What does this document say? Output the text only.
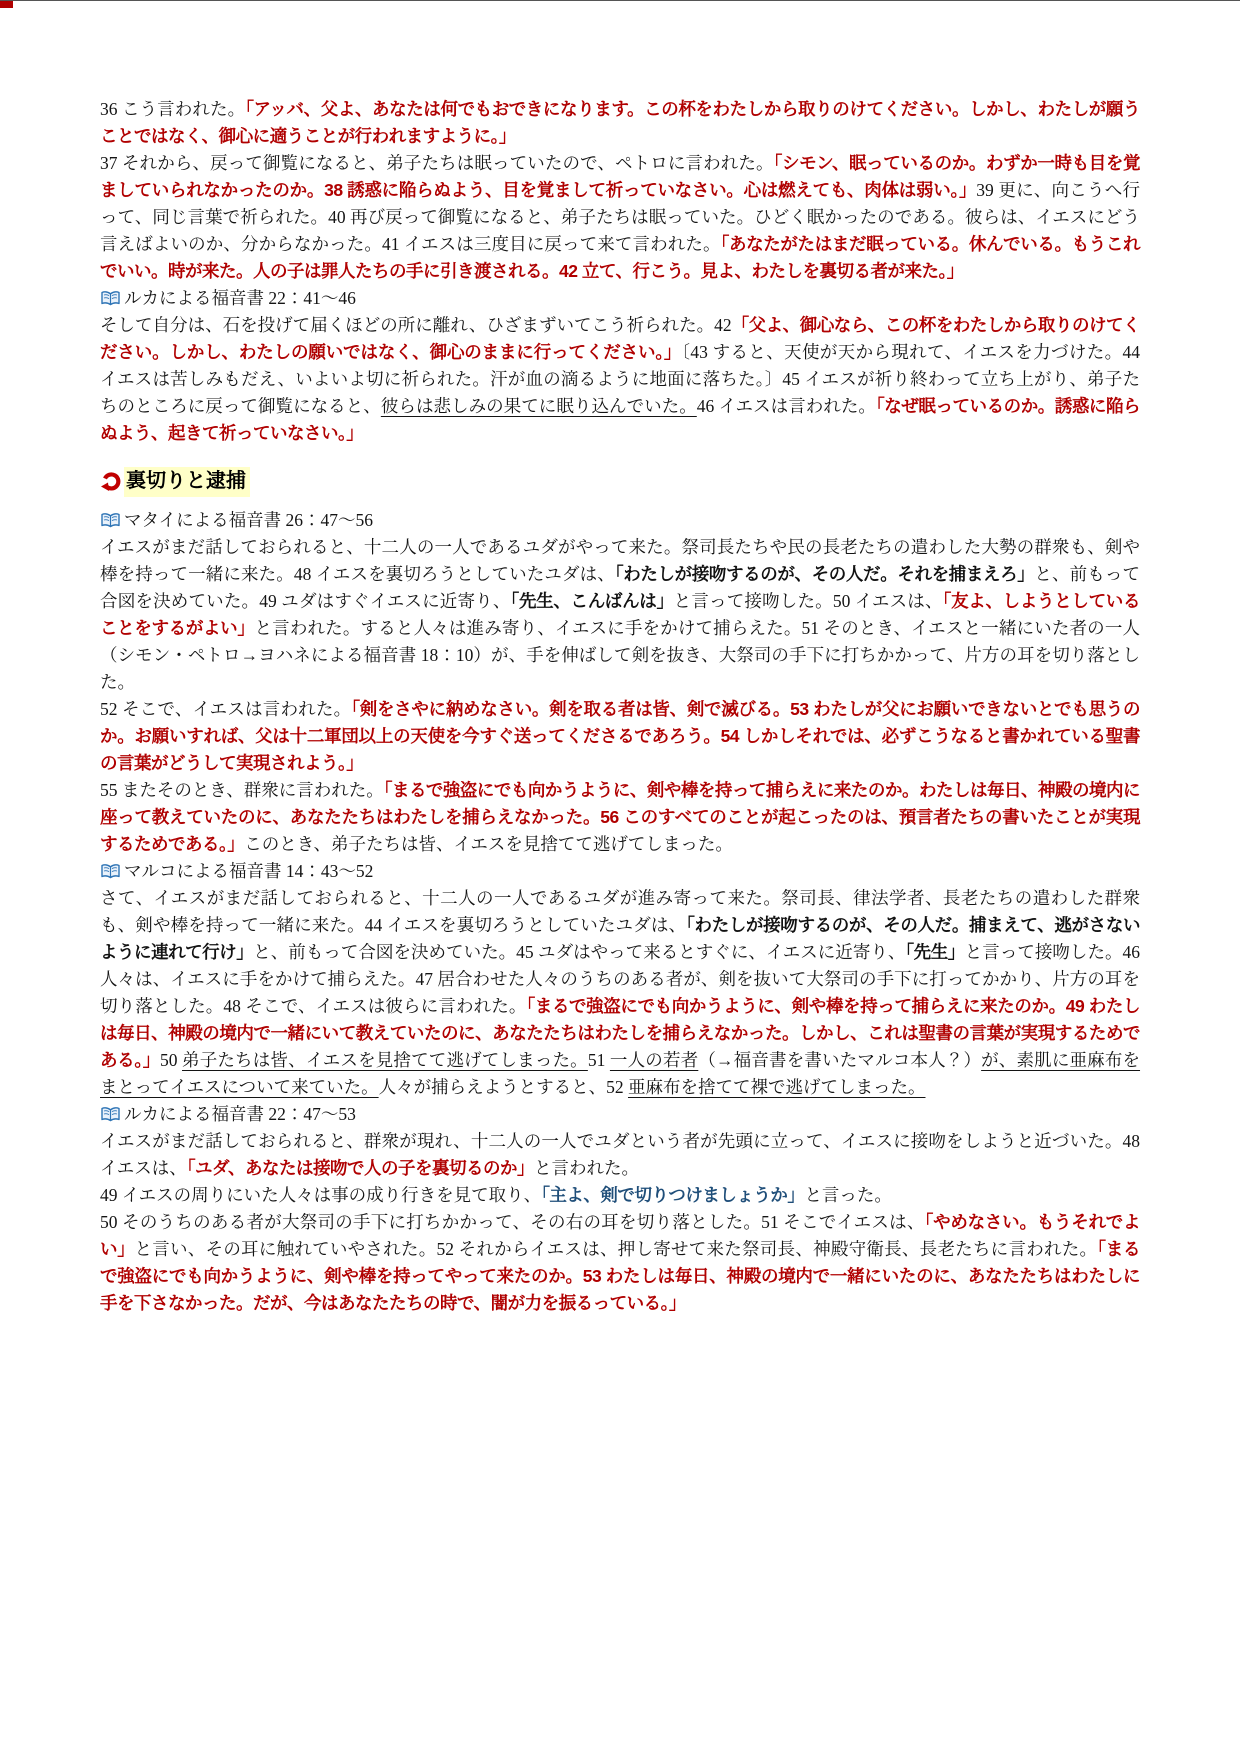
36 こう言われた。「アッバ、父よ、あなたは何でもおできになります。この杯をわたしから取りのけてください。しかし、わたしが願うことではなく、御心に適うことが行われますように。」

37 それから、戻って御覧になると、弟子たちは眠っていたので、ペトロに言われた。「シモン、眠っているのか。わずか一時も目を覚ましていられなかったのか。38 誘惑に陥らぬよう、目を覚まして祈っていなさい。心は燃えても、肉体は弱い。」39 更に、向こうへ行って、同じ言葉で祈られた。40 再び戻って御覧になると、弟子たちは眠っていた。ひどく眠かったのである。彼らは、イエスにどう言えばよいのか、分からなかった。41 イエスは三度目に戻って来て言われた。「あなたがたはまだ眠っている。休んでいる。もうこれでいい。時が来た。人の子は罪人たちの手に引き渡される。42 立て、行こう。見よ、わたしを裏切る者が来た。」

ルカによる福音書 22：41～46

そして自分は、石を投げて届くほどの所に離れ、ひざまずいてこう祈られた。42「父よ、御心なら、この杯をわたしから取りのけてください。しかし、わたしの願いではなく、御心のままに行ってください。」〔43 すると、天使が天から現れて、イエスを力づけた。44 イエスは苦しみもだえ、いよいよ切に祈られた。汗が血の滴るように地面に落ちた。〕45 イエスが祈り終わって立ち上がり、弟子たちのところに戻って御覧になると、彼らは悲しみの果てに眠り込んでいた。46 イエスは言われた。「なぜ眠っているのか。誘惑に陥らぬよう、起きて祈っていなさい。」

裏切りと逮捕
マタイによる福音書 26：47～56

イエスがまだ話しておられると、十二人の一人であるユダがやって来た。祭司長たちや民の長老たちの遣わした大勢の群衆も、剣や棒を持って一緒に来た。48 イエスを裏切ろうとしていたユダは、「わたしが接吻するのが、その人だ。それを捕まえろ」と、前もって合図を決めていた。49 ユダはすぐイエスに近寄り、「先生、こんばんは」と言って接吻した。50 イエスは、「友よ、しようとしていることをするがよい」と言われた。すると人々は進み寄り、イエスに手をかけて捕らえた。51 そのとき、イエスと一緒にいた者の一人（シモン・ペトロ→ヨハネによる福音書 18：10）が、手を伸ばして剣を抜き、大祭司の手下に打ちかかって、片方の耳を切り落とした。

52 そこで、イエスは言われた。「剣をさやに納めなさい。剣を取る者は皆、剣で滅びる。53 わたしが父にお願いできないとでも思うのか。お願いすれば、父は十二軍団以上の天使を今すぐ送ってくださるであろう。54 しかしそれでは、必ずこうなると書かれている聖書の言葉がどうして実現されよう。」

55 またそのとき、群衆に言われた。「まるで強盗にでも向かうように、剣や棒を持って捕らえに来たのか。わたしは毎日、神殿の境内に座って教えていたのに、あなたたちはわたしを捕らえなかった。56 このすべてのことが起こったのは、預言者たちの書いたことが実現するためである。」このとき、弟子たちは皆、イエスを見捨てて逃げてしまった。

マルコによる福音書 14：43～52

さて、イエスがまだ話しておられると、十二人の一人であるユダが進み寄って来た。祭司長、律法学者、長老たちの遣わした群衆も、剣や棒を持って一緒に来た。44 イエスを裏切ろうとしていたユダは、「わたしが接吻するのが、その人だ。捕まえて、逃がさないように連れて行け」と、前もって合図を決めていた。45 ユダはやって来るとすぐに、イエスに近寄り、「先生」と言って接吻した。46 人々は、イエスに手をかけて捕らえた。47 居合わせた人々のうちのある者が、剣を抜いて大祭司の手下に打ってかかり、片方の耳を切り落とした。48 そこで、イエスは彼らに言われた。「まるで強盗にでも向かうように、剣や棒を持って捕らえに来たのか。49 わたしは毎日、神殿の境内で一緒にいて教えていたのに、あなたたちはわたしを捕らえなかった。しかし、これは聖書の言葉が実現するためである。」50 弟子たちは皆、イエスを見捨てて逃げてしまった。51 一人の若者（→福音書を書いたマルコ本人？）が、素肌に亜麻布をまとってイエスについて来ていた。人々が捕らえようとすると、52 亜麻布を捨てて裸で逃げてしまった。

ルカによる福音書 22：47～53

イエスがまだ話しておられると、群衆が現れ、十二人の一人でユダという者が先頭に立って、イエスに接吻をしようと近づいた。48 イエスは、「ユダ、あなたは接吻で人の子を裏切るのか」と言われた。

49 イエスの周りにいた人々は事の成り行きを見て取り、「主よ、剣で切りつけましょうか」と言った。

50 そのうちのある者が大祭司の手下に打ちかかって、その右の耳を切り落とした。51 そこでイエスは、「やめなさい。もうそれでよい」と言い、その耳に触れていやされた。52 それからイエスは、押し寄せて来た祭司長、神殿守衛長、長老たちに言われた。「まるで強盗にでも向かうように、剣や棒を持ってやって来たのか。53 わたしは毎日、神殿の境内で一緒にいたのに、あなたたちはわたしに手を下さなかった。だが、今はあなたたちの時で、闇が力を振るっている。」
